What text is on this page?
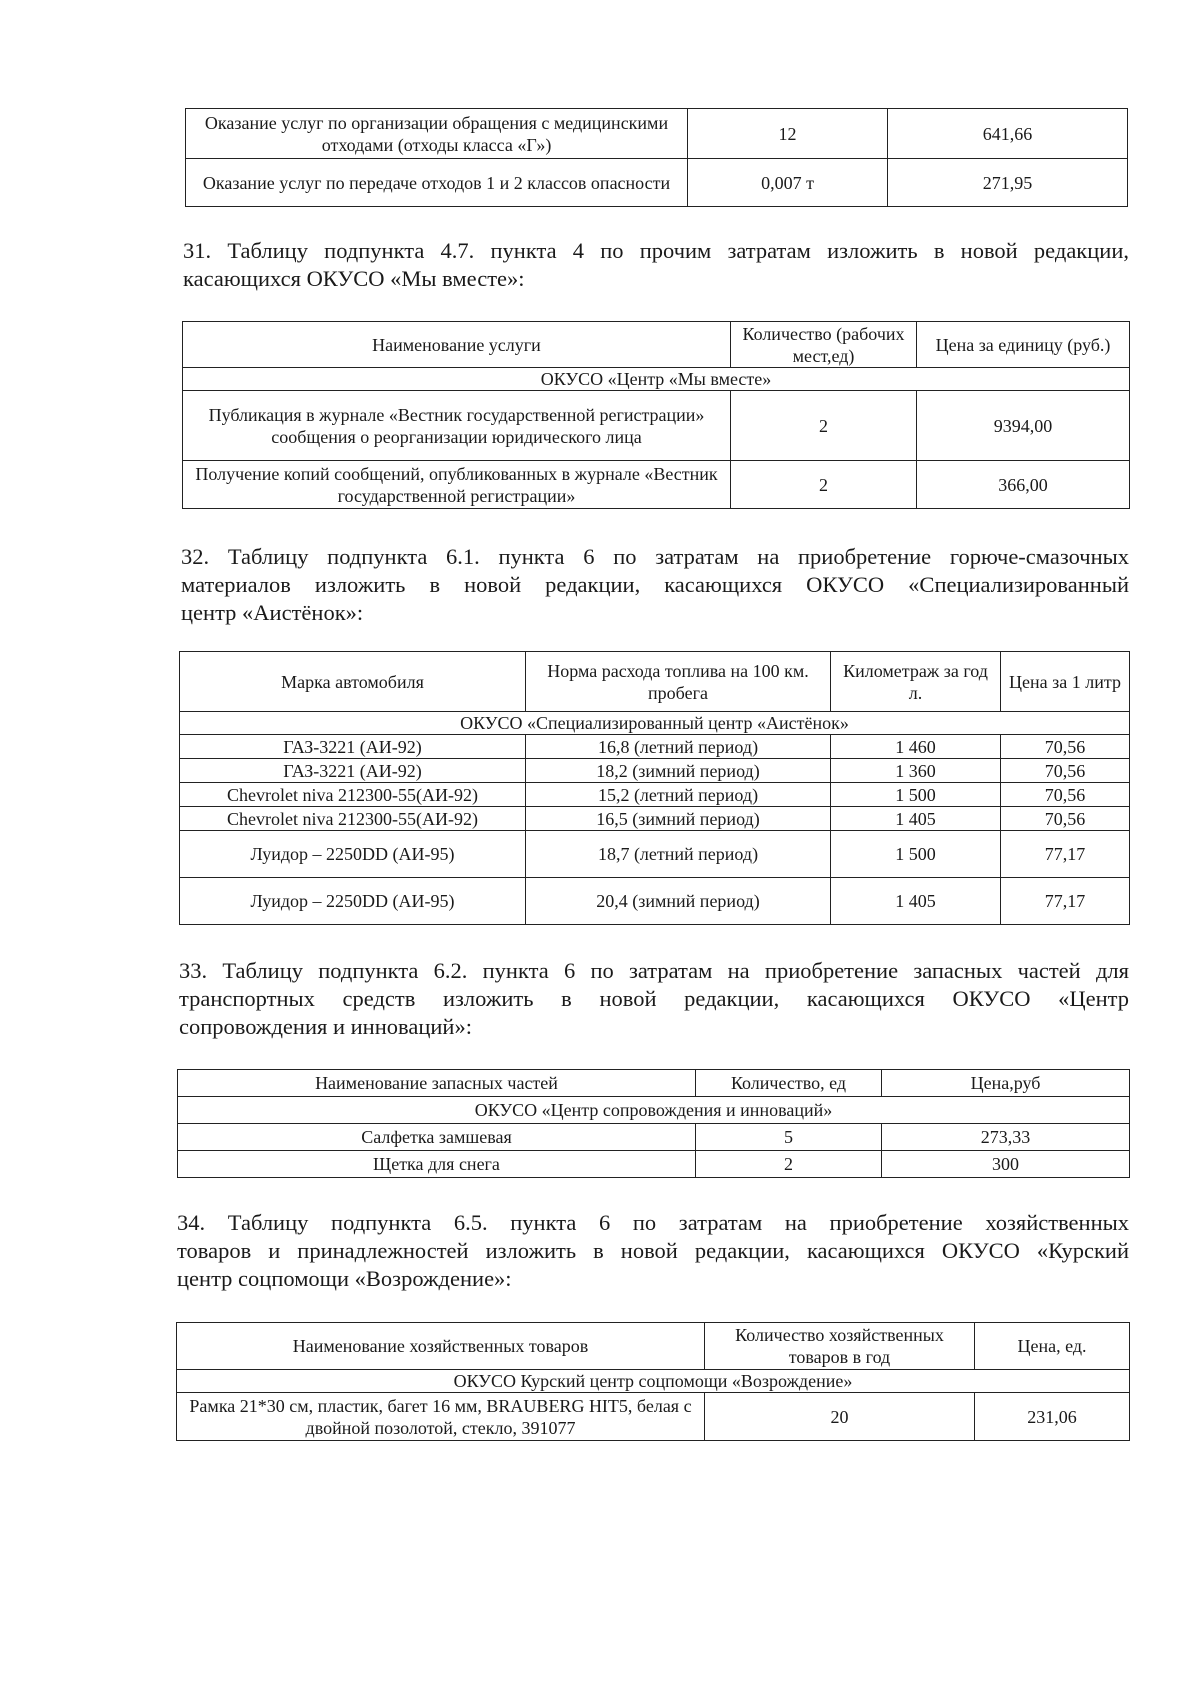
Оказание услуг по организации обращения с медицинскими отходами (отходы класса «Г»)	12	641,66
Оказание услуг по передаче отходов 1 и 2 классов опасности	0,007 т	271,95
31. Таблицу подпункта 4.7. пункта 4 по прочим затратам изложить в новой редакции,
касающихся ОКУСО «Мы вместе»:
Наименование услуги	Количество (рабочих мест,ед)	Цена за единицу (руб.)
ОКУСО «Центр «Мы вместе»		
Публикация в журнале «Вестник государственной регистрации» сообщения о реорганизации юридического лица	2	9394,00
Получение копий сообщений, опубликованных в журнале «Вестник государственной регистрации»	2	366,00
32. Таблицу подпункта 6.1. пункта 6 по затратам на приобретение горюче-смазочных
материалов изложить в новой редакции, касающихся ОКУСО «Специализированный
центр «Аистёнок»:
Марка автомобиля	Норма расхода топлива на 100 км. пробега	Километраж за год л.	Цена за 1 литр
ОКУСО «Специализированный центр «Аистёнок»			
ГАЗ-3221 (АИ-92)	16,8 (летний период)	1 460	70,56
ГАЗ-3221 (АИ-92)	18,2 (зимний период)	1 360	70,56
Chevrolet niva 212300-55(АИ-92)	15,2 (летний период)	1 500	70,56
Chevrolet niva 212300-55(АИ-92)	16,5 (зимний период)	1 405	70,56
Луидор – 2250DD (АИ-95)	18,7 (летний период)	1 500	77,17
Луидор – 2250DD (АИ-95)	20,4 (зимний период)	1 405	77,17
33. Таблицу подпункта 6.2. пункта 6 по затратам на приобретение запасных частей для
транспортных средств изложить в новой редакции, касающихся ОКУСО «Центр
сопровождения и инноваций»:
Наименование запасных частей	Количество, ед	Цена,руб
ОКУСО «Центр сопровождения и инноваций»		
Салфетка замшевая	5	273,33
Щетка для снега	2	300
34. Таблицу подпункта 6.5. пункта 6 по затратам на приобретение хозяйственных
товаров и принадлежностей изложить в новой редакции, касающихся ОКУСО «Курский
центр соцпомощи «Возрождение»:
Наименование хозяйственных товаров	Количество хозяйственных товаров в год	Цена, ед.
ОКУСО Курский центр соцпомощи «Возрождение»		
Рамка 21*30 см, пластик, багет 16 мм, BRAUBERG HIT5, белая с двойной позолотой, стекло, 391077	20	231,06
